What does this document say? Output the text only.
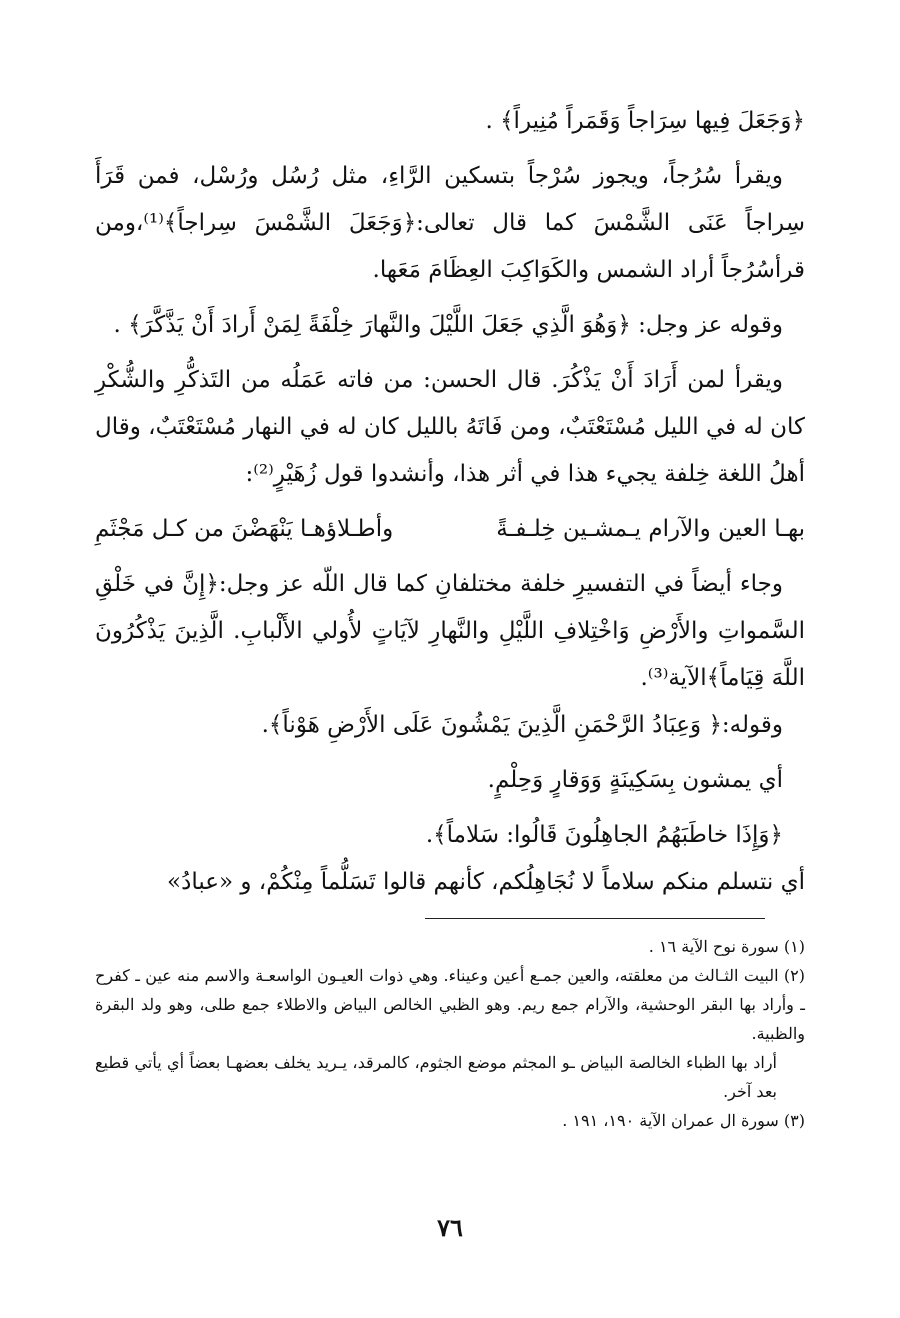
﴿وَجَعَلَ فِيها سِرَاجاً وَقَمَراً مُنِيراً﴾ .

ويقرأ سُرُجاً، ويجوز سُرْجاً بتسكين الرَّاءِ، مثل رُسُل ورُسْل، فمن قَرَأَ سِراجاً عَنَى الشَّمْسَ كما قال تعالى:﴿وَجَعَلَ الشَّمْسَ سِراجاً﴾⁽¹⁾،ومن قرأسُرُجاً أراد الشمس والكَوَاكِبَ العِظَامَ مَعَها.

وقوله عز وجل: ﴿وَهُوَ الَّذِي جَعَلَ اللَّيْلَ والنَّهارَ خِلْفَةً لِمَنْ أَرادَ أَنْ يَذَّكَّرَ﴾ .

ويقرأ لمن أَرَادَ أَنْ يَذْكُرَ. قال الحسن: من فاته عَمَلُه من التَذكُّرِ والشُّكْرِ كان له في الليل مُسْتَعْتَبٌ، ومن فَاتَهُ بالليل كان له في النهار مُسْتَعْتَبٌ، وقال أهلُ اللغة خِلفة يجيء هذا في أثر هذا، وأنشدوا قول زُهَيْرٍ⁽²⁾:

بهـا العين والآرام يـمشـين خِلـفـةً
وأطـلاؤهـا يَنْهَضْنَ من كـل مَجْثَمِ

وجاء أيضاً في التفسيرِ خلفة مختلفانِ كما قال اللّه عز وجل:﴿إِنَّ في خَلْقِ السَّمواتِ والأَرْضِ وَاخْتِلافِ اللَّيْلِ والنَّهارِ لآيَاتٍ لأُولي الأَلْبابِ. الَّذِينَ يَذْكُرُونَ اللَّهَ قِيَاماً﴾الآية⁽³⁾.

وقوله:﴿ وَعِبَادُ الرَّحْمَنِ الَّذِينَ يَمْشُونَ عَلَى الأَرْضِ هَوْناً﴾.

أي يمشون بِسَكِينَةٍ وَوَقارٍ وَحِلْمٍ.

﴿وَإِذَا خاطَبَهُمُ الجاهِلُونَ قَالُوا: سَلاماً﴾.

أي نتسلم منكم سلاماً لا نُجَاهِلُكم، كأنهم قالوا تَسَلُّماً مِنْكُمْ، و «عبادُ»

(١) سورة نوح الآية ١٦ .

(٢) البيت الثـالث من معلقته، والعين جمـع أعين وعيناء. وهي ذوات العيـون الواسعـة والاسم منه عين ـ كفرح ـ وأراد بها البقر الوحشية، والآرام جمع ريم. وهو الظبي الخالص البياض والاطلاء جمع طلى، وهو ولد البقرة والظبية.

أراد بها الظباء الخالصة البياض ـو المجثم موضع الجثوم، كالمرقد، يـريد يخلف بعضهـا بعضاً أي يأتي قطيع بعد آخر.

(٣) سورة ال عمران الآية ١٩٠، ١٩١ .

٧٦
